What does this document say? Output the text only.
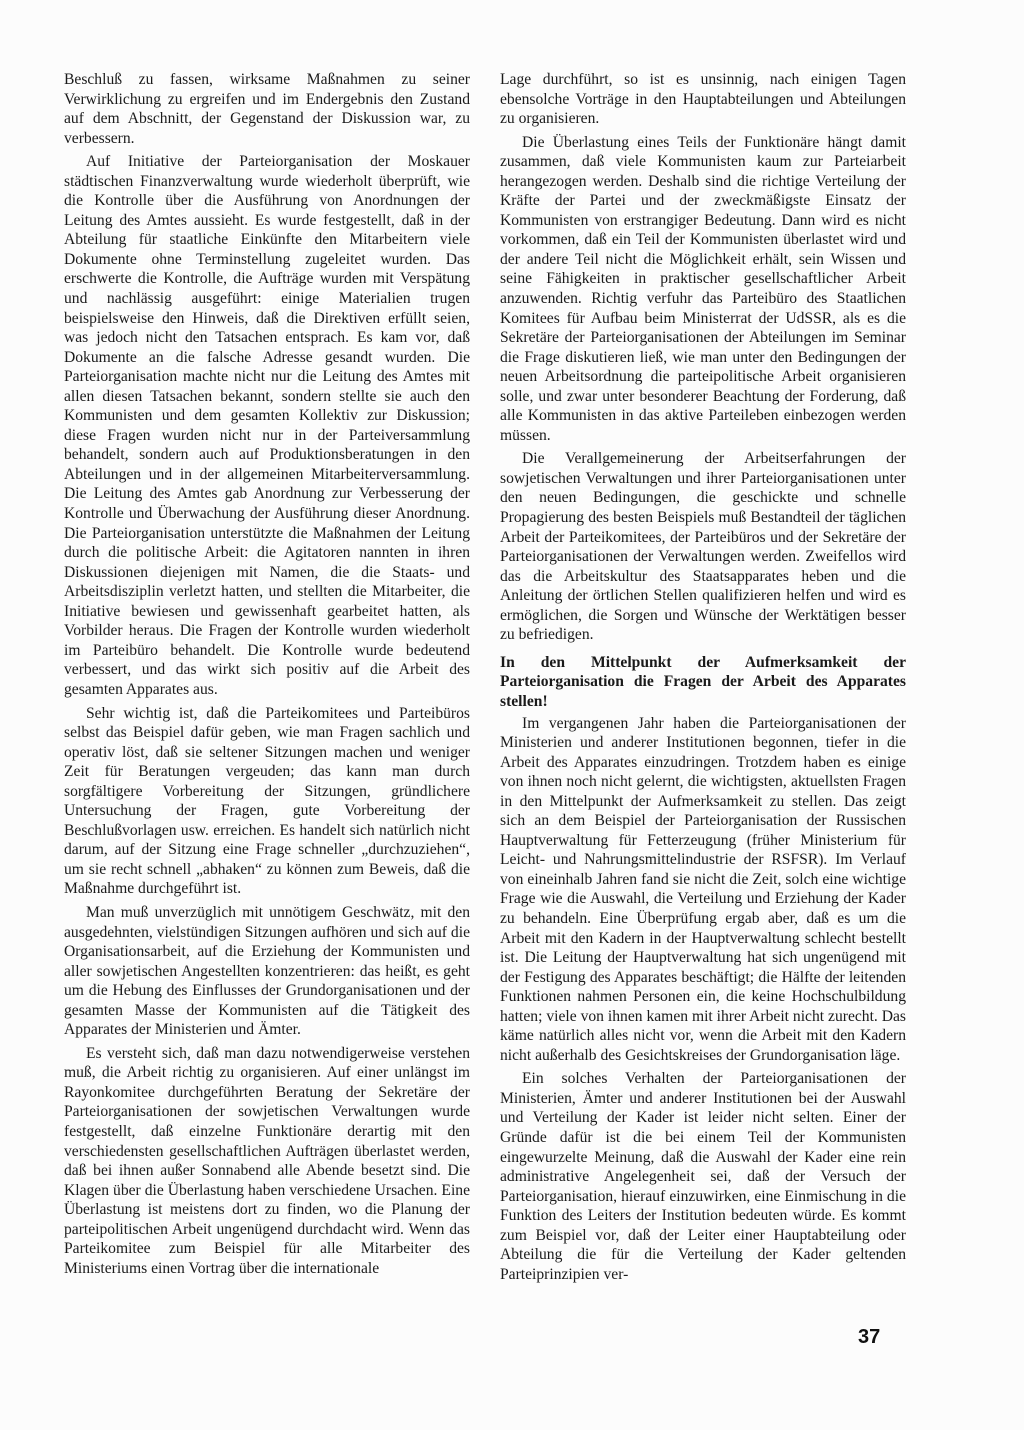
Beschluß zu fassen, wirksame Maßnahmen zu seiner Verwirklichung zu ergreifen und im Endergebnis den Zustand auf dem Abschnitt, der Gegenstand der Diskussion war, zu verbessern.

Auf Initiative der Parteiorganisation der Moskauer städtischen Finanzverwaltung wurde wiederholt überprüft, wie die Kontrolle über die Ausführung von Anordnungen der Leitung des Amtes aussieht. Es wurde festgestellt, daß in der Abteilung für staatliche Einkünfte den Mitarbeitern viele Dokumente ohne Terminstellung zugeleitet wurden. Das erschwerte die Kontrolle, die Aufträge wurden mit Verspätung und nachlässig ausgeführt: einige Materialien trugen beispielsweise den Hinweis, daß die Direktiven erfüllt seien, was jedoch nicht den Tatsachen entsprach. Es kam vor, daß Dokumente an die falsche Adresse gesandt wurden. Die Parteiorganisation machte nicht nur die Leitung des Amtes mit allen diesen Tatsachen bekannt, sondern stellte sie auch den Kommunisten und dem gesamten Kollektiv zur Diskussion; diese Fragen wurden nicht nur in der Parteiversammlung behandelt, sondern auch auf Produktionsberatungen in den Abteilungen und in der allgemeinen Mitarbeiterversammlung. Die Leitung des Amtes gab Anordnung zur Verbesserung der Kontrolle und Überwachung der Ausführung dieser Anordnung. Die Parteiorganisation unterstützte die Maßnahmen der Leitung durch die politische Arbeit: die Agitatoren nannten in ihren Diskussionen diejenigen mit Namen, die die Staats- und Arbeitsdisziplin verletzt hatten, und stellten die Mitarbeiter, die Initiative bewiesen und gewissenhaft gearbeitet hatten, als Vorbilder heraus. Die Fragen der Kontrolle wurden wiederholt im Parteibüro behandelt. Die Kontrolle wurde bedeutend verbessert, und das wirkt sich positiv auf die Arbeit des gesamten Apparates aus.

Sehr wichtig ist, daß die Parteikomitees und Parteibüros selbst das Beispiel dafür geben, wie man Fragen sachlich und operativ löst, daß sie seltener Sitzungen machen und weniger Zeit für Beratungen vergeuden; das kann man durch sorgfältigere Vorbereitung der Sitzungen, gründlichere Untersuchung der Fragen, gute Vorbereitung der Beschlußvorlagen usw. erreichen. Es handelt sich natürlich nicht darum, auf der Sitzung eine Frage schneller „durchzuziehen“, um sie recht schnell „abhaken“ zu können zum Beweis, daß die Maßnahme durchgeführt ist.

Man muß unverzüglich mit unnötigem Geschwätz, mit den ausgedehnten, vielstündigen Sitzungen aufhören und sich auf die Organisationsarbeit, auf die Erziehung der Kommunisten und aller sowjetischen Angestellten konzentrieren: das heißt, es geht um die Hebung des Einflusses der Grundorganisationen und der gesamten Masse der Kommunisten auf die Tätigkeit des Apparates der Ministerien und Ämter.

Es versteht sich, daß man dazu notwendigerweise verstehen muß, die Arbeit richtig zu organisieren. Auf einer unlängst im Rayonkomitee durchgeführten Beratung der Sekretäre der Parteiorganisationen der sowjetischen Verwaltungen wurde festgestellt, daß einzelne Funktionäre derartig mit den verschiedensten gesellschaftlichen Aufträgen überlastet werden, daß bei ihnen außer Sonnabend alle Abende besetzt sind. Die Klagen über die Überlastung haben verschiedene Ursachen. Eine Überlastung ist meistens dort zu finden, wo die Planung der parteipolitischen Arbeit ungenügend durchdacht wird. Wenn das Parteikomitee zum Beispiel für alle Mitarbeiter des Ministeriums einen Vortrag über die internationale

Lage durchführt, so ist es unsinnig, nach einigen Tagen ebensolche Vorträge in den Hauptabteilungen und Abteilungen zu organisieren.

Die Überlastung eines Teils der Funktionäre hängt damit zusammen, daß viele Kommunisten kaum zur Parteiarbeit herangezogen werden. Deshalb sind die richtige Verteilung der Kräfte der Partei und der zweckmäßigste Einsatz der Kommunisten von erstrangiger Bedeutung. Dann wird es nicht vorkommen, daß ein Teil der Kommunisten überlastet wird und der andere Teil nicht die Möglichkeit erhält, sein Wissen und seine Fähigkeiten in praktischer gesellschaftlicher Arbeit anzuwenden. Richtig verfuhr das Parteibüro des Staatlichen Komitees für Aufbau beim Ministerrat der UdSSR, als es die Sekretäre der Parteiorganisationen der Abteilungen im Seminar die Frage diskutieren ließ, wie man unter den Bedingungen der neuen Arbeitsordnung die parteipolitische Arbeit organisieren solle, und zwar unter besonderer Beachtung der Forderung, daß alle Kommunisten in das aktive Parteileben einbezogen werden müssen.

Die Verallgemeinerung der Arbeitserfahrungen der sowjetischen Verwaltungen und ihrer Parteiorganisationen unter den neuen Bedingungen, die geschickte und schnelle Propagierung des besten Beispiels muß Bestandteil der täglichen Arbeit der Parteikomitees, der Parteibüros und der Sekretäre der Parteiorganisationen der Verwaltungen werden. Zweifellos wird das die Arbeitskultur des Staatsapparates heben und die Anleitung der örtlichen Stellen qualifizieren helfen und wird es ermöglichen, die Sorgen und Wünsche der Werktätigen besser zu befriedigen.

In den Mittelpunkt der Aufmerksamkeit der Parteiorganisation die Fragen der Arbeit des Apparates stellen!

Im vergangenen Jahr haben die Parteiorganisationen der Ministerien und anderer Institutionen begonnen, tiefer in die Arbeit des Apparates einzudringen. Trotzdem haben es einige von ihnen noch nicht gelernt, die wichtigsten, aktuellsten Fragen in den Mittelpunkt der Aufmerksamkeit zu stellen. Das zeigt sich an dem Beispiel der Parteiorganisation der Russischen Hauptverwaltung für Fetterzeugung (früher Ministerium für Leicht- und Nahrungsmittelindustrie der RSFSR). Im Verlauf von eineinhalb Jahren fand sie nicht die Zeit, solch eine wichtige Frage wie die Auswahl, die Verteilung und Erziehung der Kader zu behandeln. Eine Überprüfung ergab aber, daß es um die Arbeit mit den Kadern in der Hauptverwaltung schlecht bestellt ist. Die Leitung der Hauptverwaltung hat sich ungenügend mit der Festigung des Apparates beschäftigt; die Hälfte der leitenden Funktionen nahmen Personen ein, die keine Hochschulbildung hatten; viele von ihnen kamen mit ihrer Arbeit nicht zurecht. Das käme natürlich alles nicht vor, wenn die Arbeit mit den Kadern nicht außerhalb des Gesichtskreises der Grundorganisation läge.

Ein solches Verhalten der Parteiorganisationen der Ministerien, Ämter und anderer Institutionen bei der Auswahl und Verteilung der Kader ist leider nicht selten. Einer der Gründe dafür ist die bei einem Teil der Kommunisten eingewurzelte Meinung, daß die Auswahl der Kader eine rein administrative Angelegenheit sei, daß der Versuch der Parteiorganisation, hierauf einzuwirken, eine Einmischung in die Funktion des Leiters der Institution bedeuten würde. Es kommt zum Beispiel vor, daß der Leiter einer Hauptabteilung oder Abteilung die für die Verteilung der Kader geltenden Parteiprinzipien ver-

37
